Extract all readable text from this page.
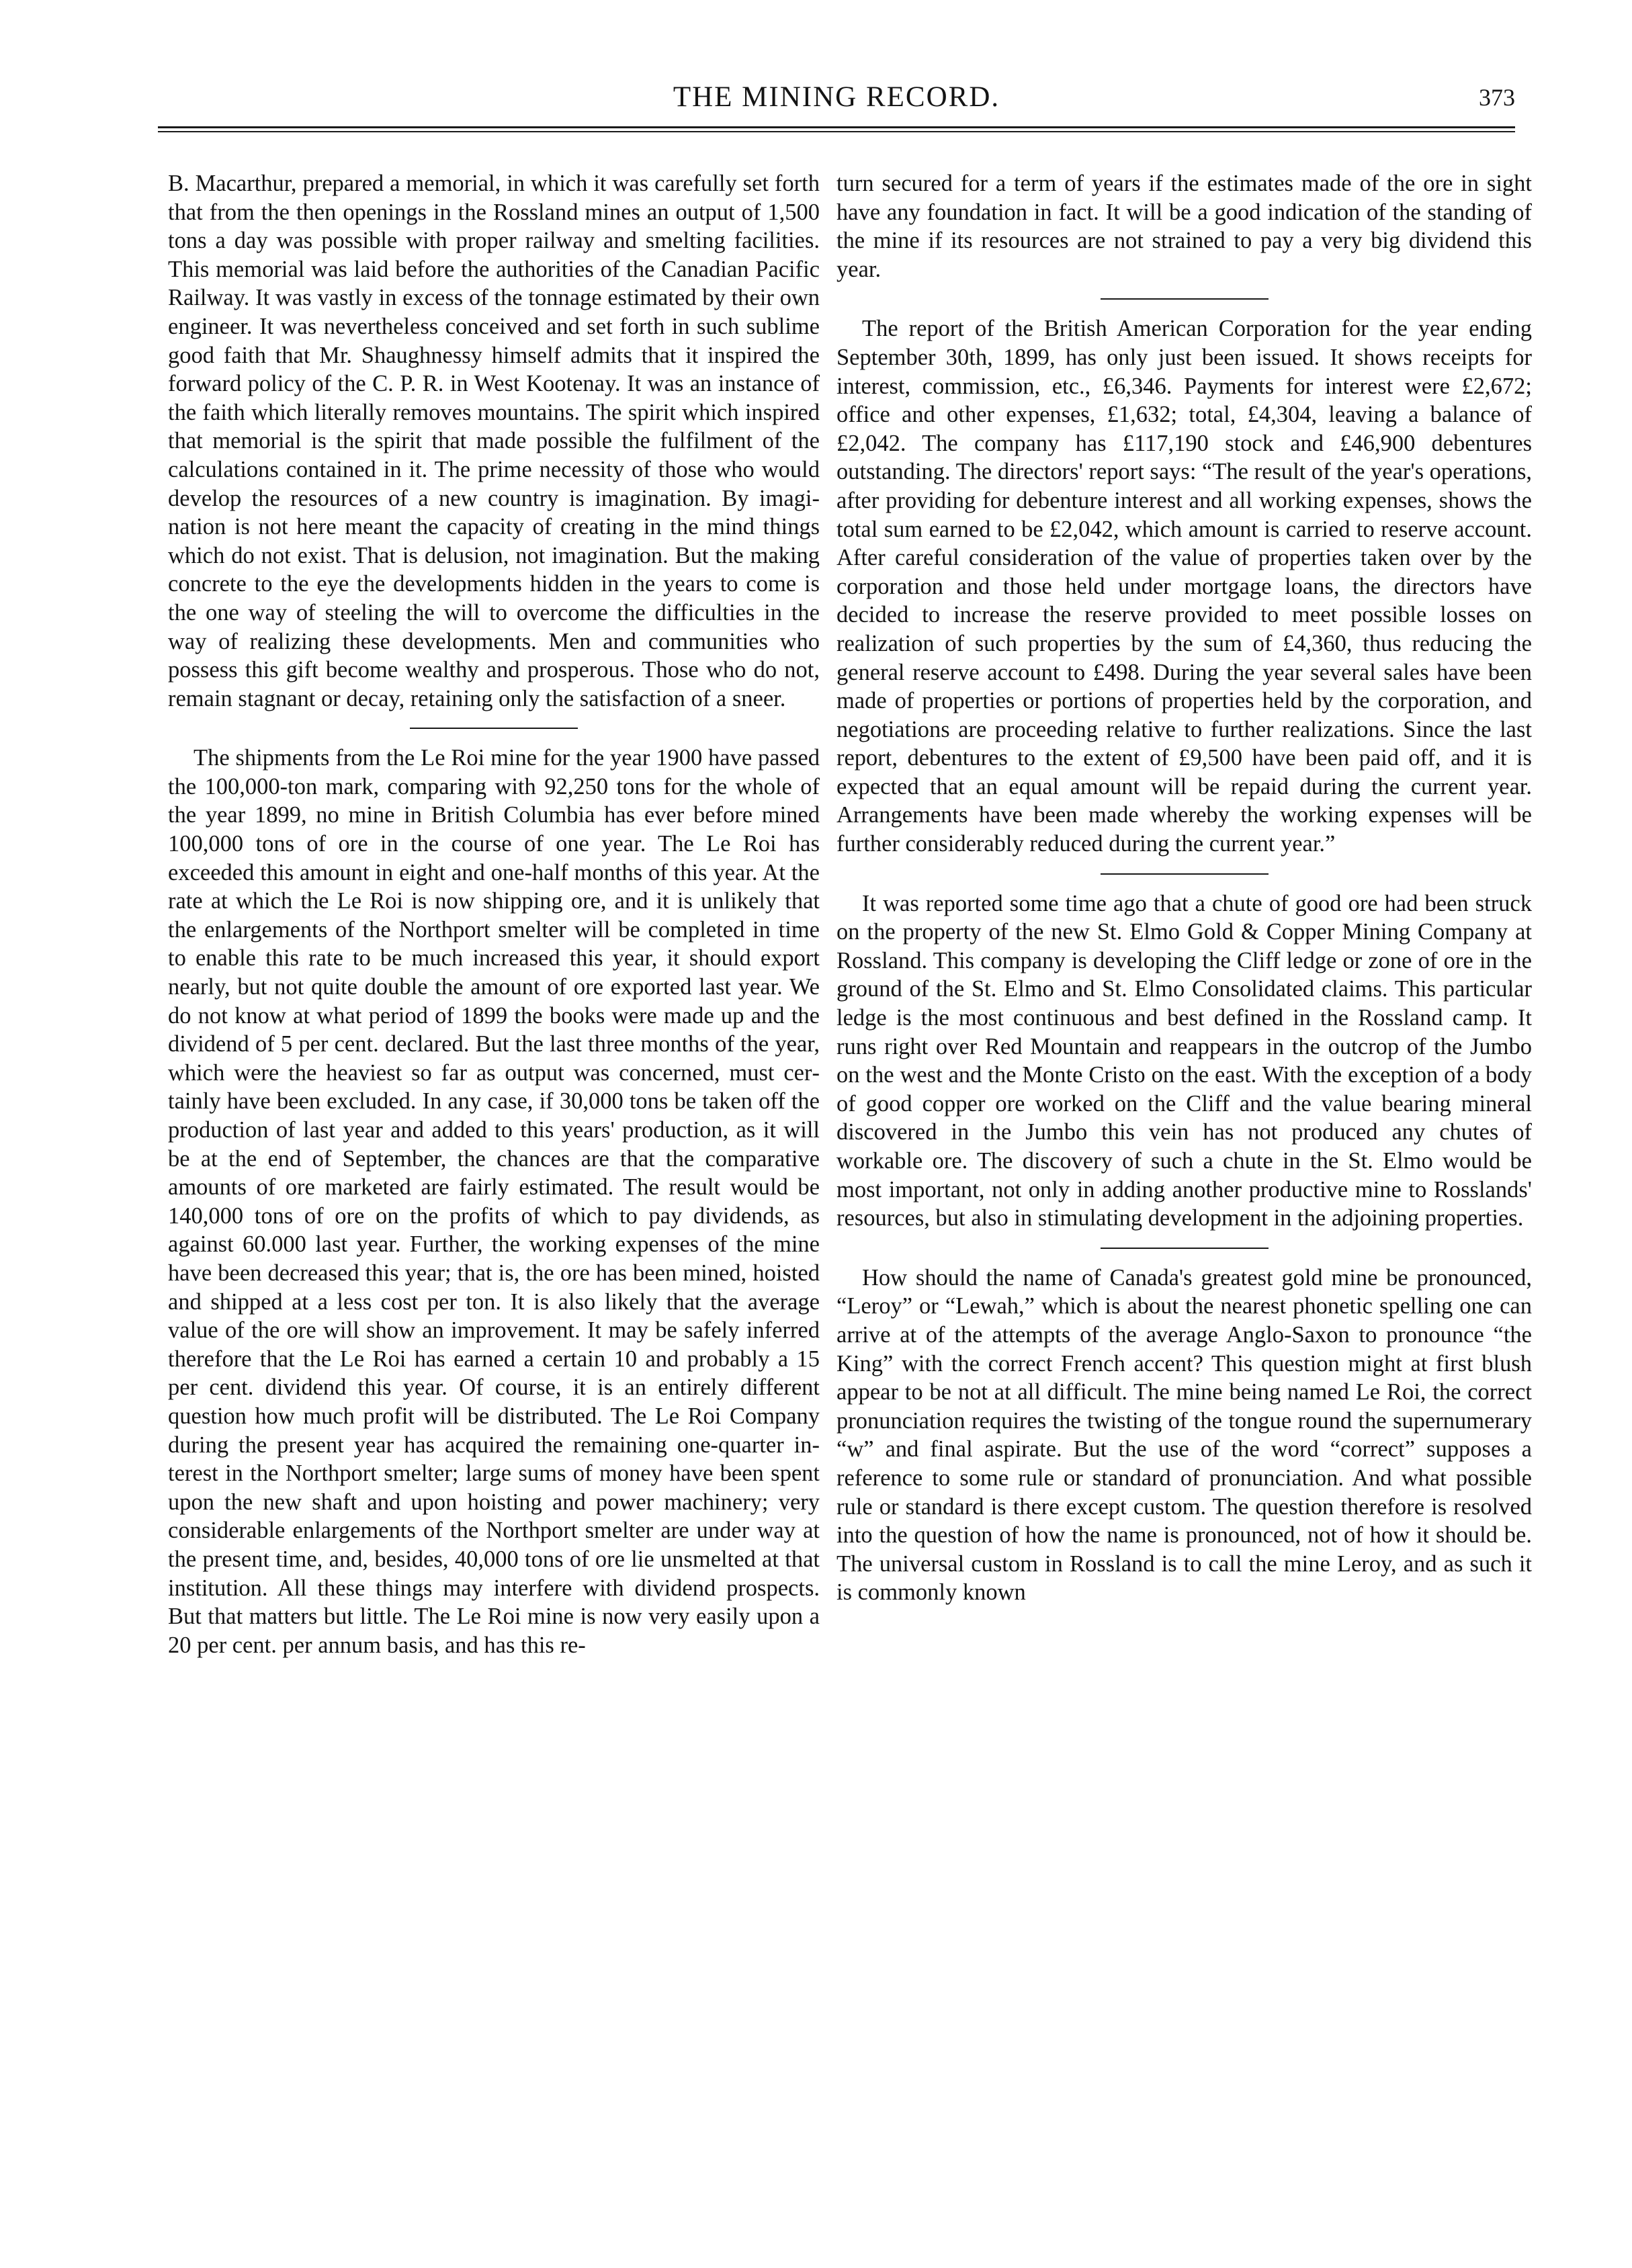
THE MINING RECORD.	373

B. Macarthur, prepared a memorial, in which it was carefully set forth that from the then openings in the Rossland mines an output of 1,500 tons a day was possible with proper railway and smelting facilities. This memorial was laid before the authorities of the Canadian Pacific Railway. It was vastly in excess of the tonnage estimated by their own engineer. It was nevertheless conceived and set forth in such sublime good faith that Mr. Shaughnessy himself admits that it inspired the forward policy of the C. P. R. in West Kootenay. It was an instance of the faith which literally removes mountains. The spirit which inspired that memorial is the spirit that made possible the fulfilment of the calculations contained in it. The prime necessity of those who would develop the resources of a new country is imagination. By imagination is not here meant the capacity of creating in the mind things which do not exist. That is delusion, not imagination. But the making concrete to the eye the developments hidden in the years to come is the one way of steeling the will to overcome the difficulties in the way of realizing these developments. Men and communities who possess this gift become wealthy and prosperous. Those who do not, remain stagnant or decay, retaining only the satisfaction of a sneer.

The shipments from the Le Roi mine for the year 1900 have passed the 100,000-ton mark, comparing with 92,250 tons for the whole of the year 1899, no mine in British Columbia has ever before mined 100,000 tons of ore in the course of one year. The Le Roi has exceeded this amount in eight and one-half months of this year. At the rate at which the Le Roi is now shipping ore, and it is unlikely that the enlargements of the Northport smelter will be completed in time to enable this rate to be much increased this year, it should export nearly, but not quite double the amount of ore exported last year. We do not know at what period of 1899 the books were made up and the dividend of 5 per cent. declared. But the last three months of the year, which were the heaviest so far as output was concerned, must certainly have been excluded. In any case, if 30,000 tons be taken off the production of last year and added to this years' production, as it will be at the end of September, the chances are that the comparative amounts of ore marketed are fairly estimated. The result would be 140,000 tons of ore on the profits of which to pay dividends, as against 60.000 last year. Further, the working expenses of the mine have been decreased this year; that is, the ore has been mined, hoisted and shipped at a less cost per ton. It is also likely that the average value of the ore will show an improvement. It may be safely inferred therefore that the Le Roi has earned a certain 10 and probably a 15 per cent. dividend this year. Of course, it is an entirely different question how much profit will be distributed. The Le Roi Company during the present year has acquired the remaining one-quarter interest in the Northport smelter; large sums of money have been spent upon the new shaft and upon hoisting and power machinery; very considerable enlargements of the Northport smelter are under way at the present time, and, besides, 40,000 tons of ore lie unsmelted at that institution. All these things may interfere with dividend prospects. But that matters but little. The Le Roi mine is now very easily upon a 20 per cent. per annum basis, and has this re-

turn secured for a term of years if the estimates made of the ore in sight have any foundation in fact. It will be a good indication of the standing of the mine if its resources are not strained to pay a very big dividend this year.

The report of the British American Corporation for the year ending September 30th, 1899, has only just been issued. It shows receipts for interest, commission, etc., £6,346. Payments for interest were £2,672; office and other expenses, £1,632; total, £4,304, leaving a balance of £2,042. The company has £117,190 stock and £46,900 debentures outstanding. The directors' report says: “The result of the year's operations, after providing for debenture interest and all working expenses, shows the total sum earned to be £2,042, which amount is carried to reserve account. After careful consideration of the value of properties taken over by the corporation and those held under mortgage loans, the directors have decided to increase the reserve provided to meet possible losses on realization of such properties by the sum of £4,360, thus reducing the general reserve account to £498. During the year several sales have been made of properties or portions of properties held by the corporation, and negotiations are proceeding relative to further realizations. Since the last report, debentures to the extent of £9,500 have been paid off, and it is expected that an equal amount will be repaid during the current year. Arrangements have been made whereby the working expenses will be further considerably reduced during the current year.”

It was reported some time ago that a chute of good ore had been struck on the property of the new St. Elmo Gold & Copper Mining Company at Rossland. This company is developing the Cliff ledge or zone of ore in the ground of the St. Elmo and St. Elmo Consolidated claims. This particular ledge is the most continuous and best defined in the Rossland camp. It runs right over Red Mountain and reappears in the outcrop of the Jumbo on the west and the Monte Cristo on the east. With the exception of a body of good copper ore worked on the Cliff and the value bearing mineral discovered in the Jumbo this vein has not produced any chutes of workable ore. The discovery of such a chute in the St. Elmo would be most important, not only in adding another productive mine to Rosslands' resources, but also in stimulating development in the adjoining properties.

How should the name of Canada's greatest gold mine be pronounced, “Leroy” or “Lewah,” which is about the nearest phonetic spelling one can arrive at of the attempts of the average Anglo-Saxon to pronounce “the King” with the correct French accent? This question might at first blush appear to be not at all difficult. The mine being named Le Roi, the correct pronunciation requires the twisting of the tongue round the supernumerary “w” and final aspirate. But the use of the word “correct” supposes a reference to some rule or standard of pronunciation. And what possible rule or standard is there except custom. The question therefore is resolved into the question of how the name is pronounced, not of how it should be. The universal custom in Rossland is to call the mine Leroy, and as such it is commonly known
